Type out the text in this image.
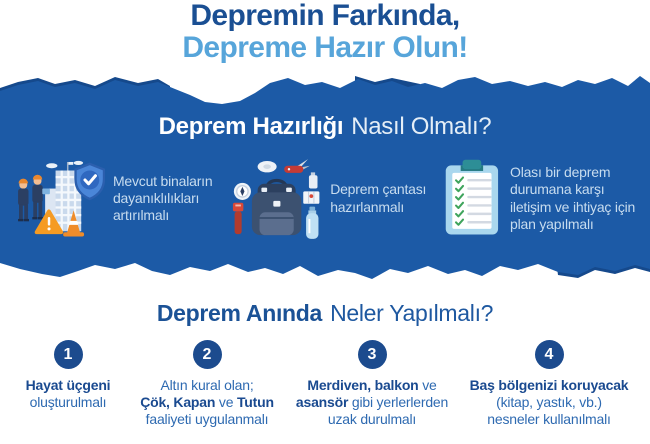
Depremin Farkında,
Depreme Hazır Olun!
Deprem Hazırlığı Nasıl Olmalı?
Mevcut binaların dayanıklılıkları artırılmalı
Deprem çantası hazırlanmalı
Olası bir deprem durumana karşı iletişim ve ihtiyaç için plan yapılmalı
Deprem Anında Neler Yapılmalı?
1
Hayat üçgeni
oluşturulmalı
2
Altın kural olan;
Çök, Kapan ve Tutun
faaliyeti uygulanmalı
3
Merdiven, balkon ve
asansör gibi yerlerlerden
uzak durulmalı
4
Baş bölgenizi koruyacak
(kitap, yastık, vb.)
nesneler kullanılmalı
